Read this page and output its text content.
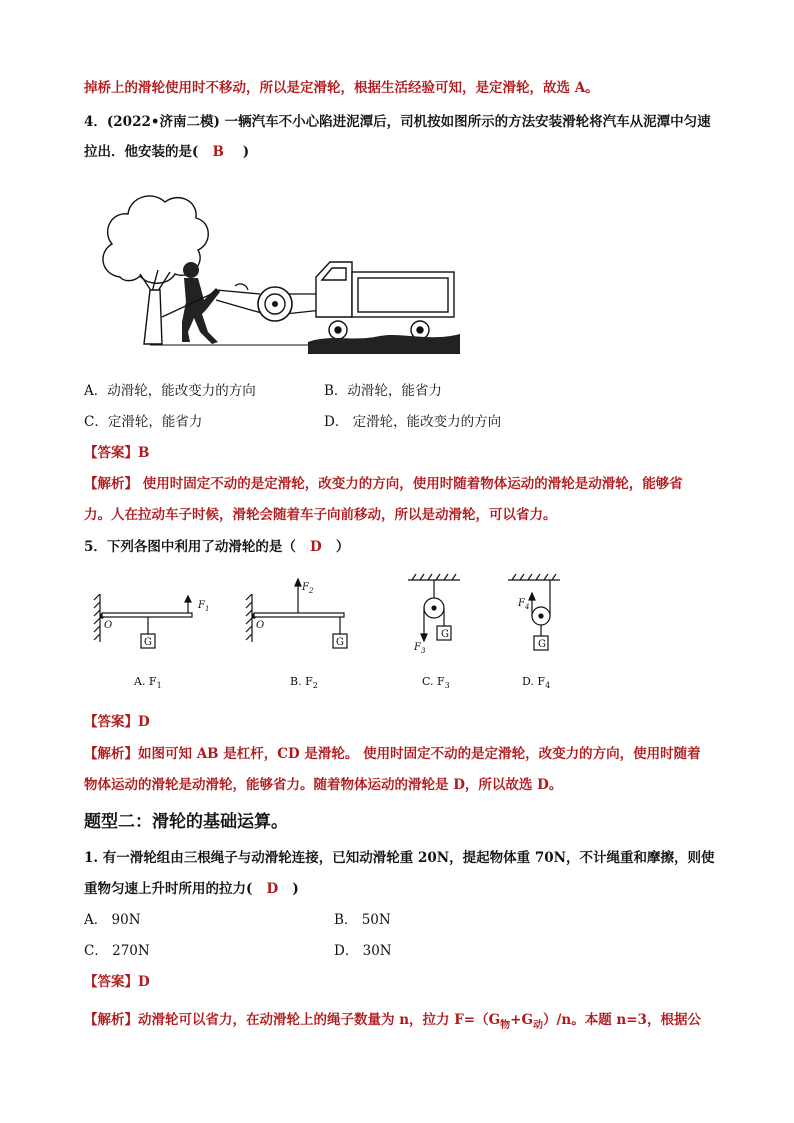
掉桥上的滑轮使用时不移动，所以是定滑轮，根据生活经验可知，是定滑轮，故选 A。
4．(2022•济南二模) 一辆汽车不小心陷进泥潭后，司机按如图所示的方法安装滑轮将汽车从泥潭中匀速
拉出．他安装的是( B )
A．动滑轮，能改变力的方向	B．动滑轮，能省力
C．定滑轮，能省力	D． 定滑轮，能改变力的方向
【答案】B
【解析】 使用时固定不动的是定滑轮，改变力的方向，使用时随着物体运动的滑轮是动滑轮，能够省
力。人在拉动车子时候，滑轮会随着车子向前移动，所以是动滑轮，可以省力。
5．下列各图中利用了动滑轮的是（ D ）
$F_1$
O
G
$F_2$
O
G	$F_3$
G
$F_4$
G
A. $F_1$	B. $F_2$	C. $F_3$	D. $F_4$
【答案】D
【解析】如图可知 AB 是杠杆，CD 是滑轮。 使用时固定不动的是定滑轮，改变力的方向，使用时随着
物体运动的滑轮是动滑轮，能够省力。随着物体运动的滑轮是 D，所以故选 D。
题型二：滑轮的基础运算。
1. 有一滑轮组由三根绳子与动滑轮连接，已知动滑轮重 20N，提起物体重 70N，不计绳重和摩擦，则使
重物匀速上升时所用的拉力( D )
A． 90N	B． 50N
C． 270N	D． 30N
【答案】D
【解析】动滑轮可以省力，在动滑轮上的绳子数量为 n，拉力 $F=(G_物+G_动)/n$。本题 n=3，根据公
